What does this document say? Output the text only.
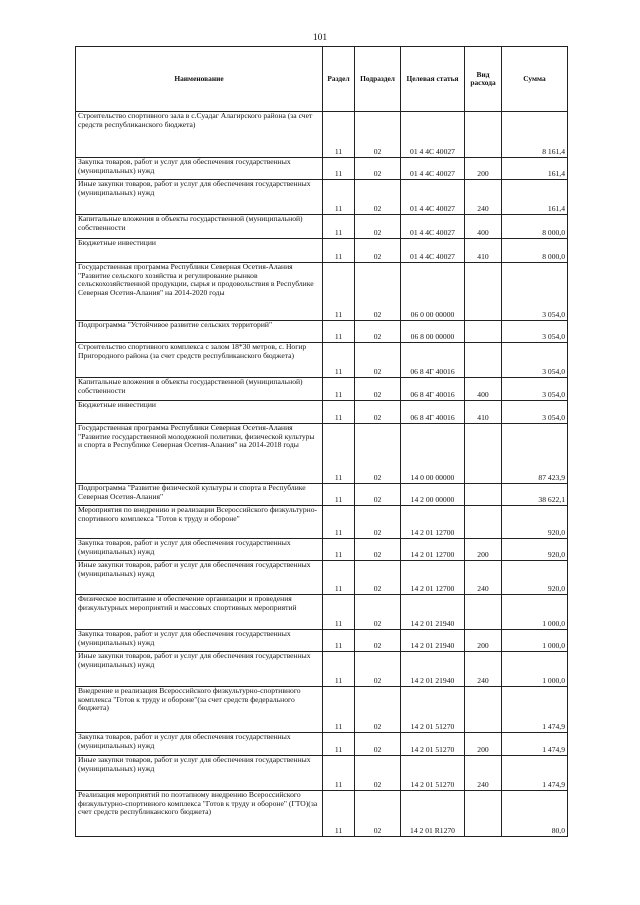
101
Наименование	Раздел	Подраздел	Целевая статья	Вид расхода	Сумма
Строительство спортивного зала в с.Суадаг Алагирского района (за счет средств республиканского бюджета)	11	02	01 4 4С 40027		8 161,4
Закупка товаров, работ и услуг для обеспечения государственных (муниципальных) нужд	11	02	01 4 4С 40027	200	161,4
Иные закупки товаров, работ и услуг для обеспечения государственных (муниципальных) нужд	11	02	01 4 4С 40027	240	161,4
Капитальные вложения в объекты государственной (муниципальной) собственности	11	02	01 4 4С 40027	400	8 000,0
Бюджетные инвестиции	11	02	01 4 4С 40027	410	8 000,0
Государственная программа Республики Северная Осетия-Алания "Развитие сельского хозяйства и регулирование рынков сельскохозяйственной продукции, сырья и продовольствия в Республике Северная Осетия-Алания" на 2014-2020 годы	11	02	06 0 00 00000		3 054,0
Подпрограмма "Устойчивое развитие сельских территорий"	11	02	06 8 00 00000		3 054,0
Строительство спортивного комплекса с залом 18*30 метров, с. Ногир Пригородного района (за счет средств республиканского бюджета)	11	02	06 8 4Г 40016		3 054,0
Капитальные вложения в объекты государственной (муниципальной) собственности	11	02	06 8 4Г 40016	400	3 054,0
Бюджетные инвестиции	11	02	06 8 4Г 40016	410	3 054,0
Государственная программа Республики Северная Осетия-Алания "Развитие государственной молодежной политики, физической культуры и спорта в Республике Северная Осетия-Алания" на 2014-2018 годы	11	02	14 0 00 00000		87 423,9
Подпрограмма "Развитие физической культуры и спорта в Республике Северная Осетия-Алания"	11	02	14 2 00 00000		38 622,1
Мероприятия по внедрению и реализации Всероссийского физкультурно-спортивного комплекса "Готов к труду и обороне"	11	02	14 2 01 12700		920,0
Закупка товаров, работ и услуг для обеспечения государственных (муниципальных) нужд	11	02	14 2 01 12700	200	920,0
Иные закупки товаров, работ и услуг для обеспечения государственных (муниципальных) нужд	11	02	14 2 01 12700	240	920,0
Физическое воспитание и обеспечение организации и проведения физкультурных мероприятий и массовых спортивных мероприятий	11	02	14 2 01 21940		1 000,0
Закупка товаров, работ и услуг для обеспечения государственных (муниципальных) нужд	11	02	14 2 01 21940	200	1 000,0
Иные закупки товаров, работ и услуг для обеспечения государственных (муниципальных) нужд	11	02	14 2 01 21940	240	1 000,0
Внедрение и реализация Всероссийского физкультурно-спортивного комплекса "Готов к труду и обороне"(за счет средств федерального бюджета)	11	02	14 2 01 51270		1 474,9
Закупка товаров, работ и услуг для обеспечения государственных (муниципальных) нужд	11	02	14 2 01 51270	200	1 474,9
Иные закупки товаров, работ и услуг для обеспечения государственных (муниципальных) нужд	11	02	14 2 01 51270	240	1 474,9
Реализация мероприятий по поэтапному внедрению Всероссийского физкультурно-спортивного комплекса "Готов к труду и обороне" (ГТО)(за счет средств республиканского бюджета)	11	02	14 2 01 R1270		80,0
